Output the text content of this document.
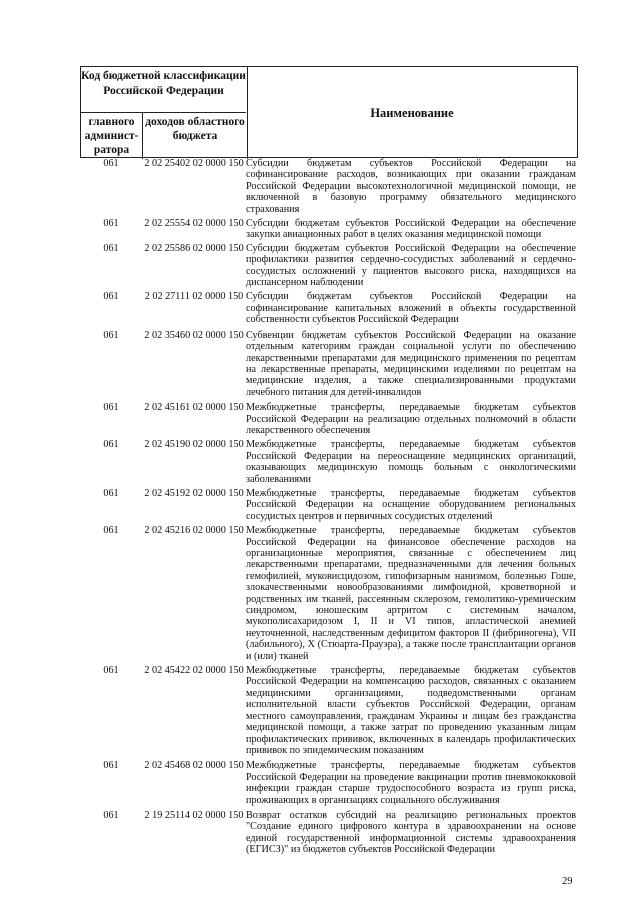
Код бюджетной классификации Российской Федерации
главного админист-ратора
доходов областного бюджета
Наименование
061	2 02 25402 02 0000 150 Субсидии бюджетам субъектов Российской Федерации на софинансирование расходов, возникающих при оказании гражданам Российской Федерации высокотехнологичной медицинской помощи, не включенной в базовую программу обязательного медицинского страхования
061	2 02 25554 02 0000 150 Субсидии бюджетам субъектов Российской Федерации на обеспечение закупки авиационных работ в целях оказания медицинской помощи
061	2 02 25586 02 0000 150 Субсидии бюджетам субъектов Российской Федерации на обеспечение профилактики развития сердечно-сосудистых заболеваний и сердечно-сосудистых осложнений у пациентов высокого риска, находящихся на диспансерном наблюдении
061	2 02 27111 02 0000 150 Субсидии бюджетам субъектов Российской Федерации на софинансирование капитальных вложений в объекты государственной собственности субъектов Российской Федерации
061	2 02 35460 02 0000 150 Субвенции бюджетам субъектов Российской Федерации на оказание отдельным категориям граждан социальной услуги по обеспечению лекарственными препаратами для медицинского применения по рецептам на лекарственные препараты, медицинскими изделиями по рецептам на медицинские изделия, а также специализированными продуктами лечебного питания для детей-инвалидов
061	2 02 45161 02 0000 150 Межбюджетные трансферты, передаваемые бюджетам субъектов Российской Федерации на реализацию отдельных полномочий в области лекарственного обеспечения
061	2 02 45190 02 0000 150 Межбюджетные трансферты, передаваемые бюджетам субъектов Российской Федерации на переоснащение медицинских организаций, оказывающих медицинскую помощь больным с онкологическими заболеваниями
061	2 02 45192 02 0000 150 Межбюджетные трансферты, передаваемые бюджетам субъектов Российской Федерации на оснащение оборудованием региональных сосудистых центров и первичных сосудистых отделений
061	2 02 45216 02 0000 150 Межбюджетные трансферты, передаваемые бюджетам субъектов Российской Федерации на финансовое обеспечение расходов на организационные мероприятия, связанные с обеспечением лиц лекарственными препаратами, предназначенными для лечения больных гемофилией, муковисцидозом, гипофизарным нанизмом, болезнью Гоше, злокачественными новообразованиями лимфоидной, кроветворной и родственных им тканей, рассеянным склерозом, гемолитико-уремическим синдромом, юношеским артритом с системным началом, мукополисахаридозом I, II и VI типов, апластической анемией неуточненной, наследственным дефицитом факторов II (фибриногена), VII (лабильного), X (Стюарта-Прауэра), а также после трансплантации органов и (или) тканей
061	2 02 45422 02 0000 150 Межбюджетные трансферты, передаваемые бюджетам субъектов Российской Федерации на компенсацию расходов, связанных с оказанием медицинскими организациями, подведомственными органам исполнительной власти субъектов Российской Федерации, органам местного самоуправления, гражданам Украины и лицам без гражданства медицинской помощи, а также затрат по проведению указанным лицам профилактических прививок, включенных в календарь профилактических прививок по эпидемическим показаниям
061	2 02 45468 02 0000 150 Межбюджетные трансферты, передаваемые бюджетам субъектов Российской Федерации на проведение вакцинации против пневмококковой инфекции граждан старше трудоспособного возраста из групп риска, проживающих в организациях социального обслуживания
061	2 19 25114 02 0000 150 Возврат остатков субсидий на реализацию региональных проектов "Создание единого цифрового контура в здравоохранении на основе единой государственной информационной системы здравоохранения (ЕГИСЗ)" из бюджетов субъектов Российской Федерации
29
